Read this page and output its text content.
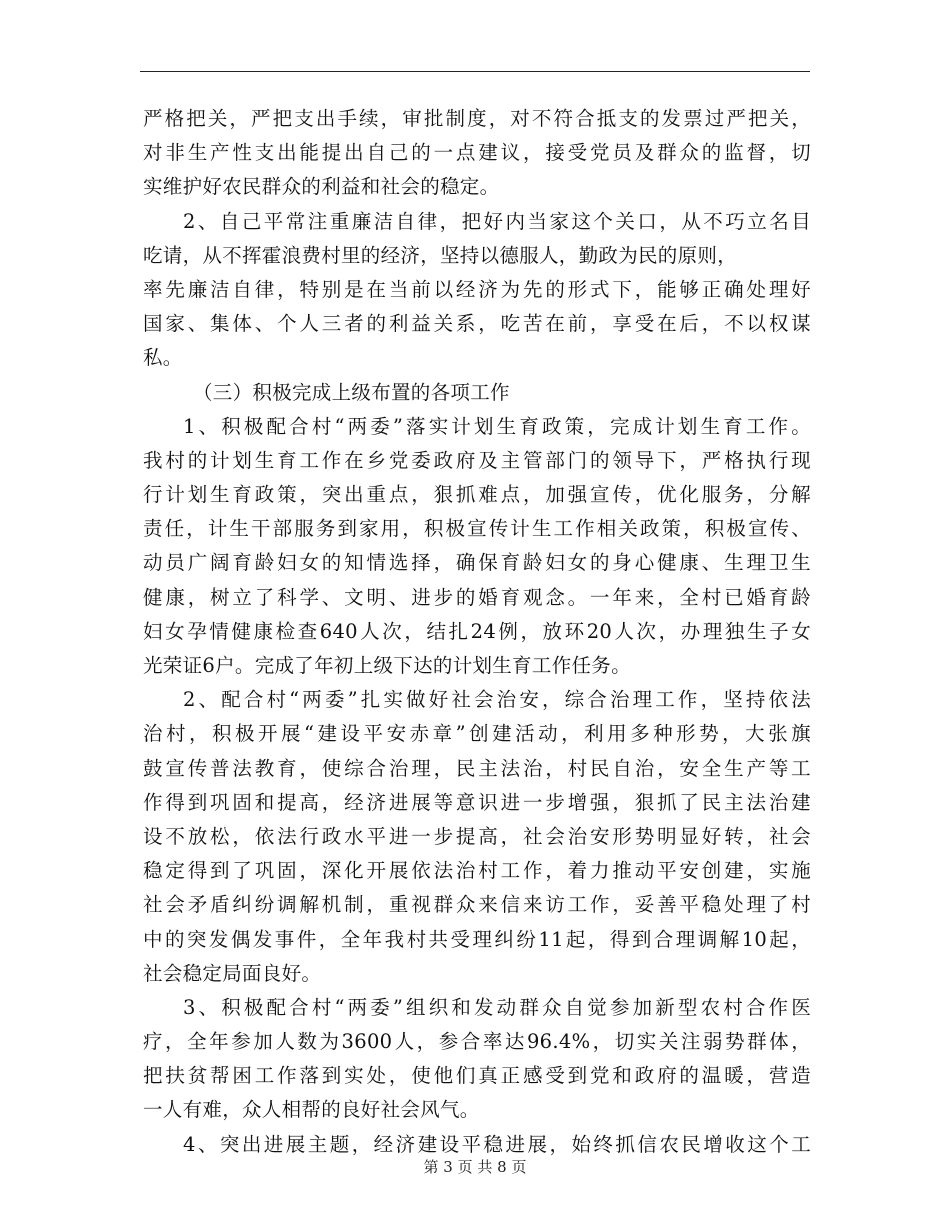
严格把关，严把支出手续，审批制度，对不符合抵支的发票过严把关，
对非生产性支出能提出自己的一点建议，接受党员及群众的监督，切
实维护好农民群众的利益和社会的稳定。
2、自己平常注重廉洁自律，把好内当家这个关口，从不巧立名目
吃请，从不挥霍浪费村里的经济，坚持以德服人，勤政为民的原则，
率先廉洁自律，特别是在当前以经济为先的形式下，能够正确处理好
国家、集体、个人三者的利益关系，吃苦在前，享受在后，不以权谋
私。
（三）积极完成上级布置的各项工作
1、积极配合村“两委”落实计划生育政策，完成计划生育工作。
我村的计划生育工作在乡党委政府及主管部门的领导下，严格执行现
行计划生育政策，突出重点，狠抓难点，加强宣传，优化服务，分解
责任，计生干部服务到家用，积极宣传计生工作相关政策，积极宣传、
动员广阔育龄妇女的知情选择，确保育龄妇女的身心健康、生理卫生
健康，树立了科学、文明、进步的婚育观念。一年来，全村已婚育龄
妇女孕情健康检查640人次，结扎24例，放环20人次，办理独生子女
光荣证6户。完成了年初上级下达的计划生育工作任务。
2、配合村“两委”扎实做好社会治安，综合治理工作，坚持依法
治村，积极开展“建设平安赤章”创建活动，利用多种形势，大张旗
鼓宣传普法教育，使综合治理，民主法治，村民自治，安全生产等工
作得到巩固和提高，经济进展等意识进一步增强，狠抓了民主法治建
设不放松，依法行政水平进一步提高，社会治安形势明显好转，社会
稳定得到了巩固，深化开展依法治村工作，着力推动平安创建，实施
社会矛盾纠纷调解机制，重视群众来信来访工作，妥善平稳处理了村
中的突发偶发事件，全年我村共受理纠纷11起，得到合理调解10起，
社会稳定局面良好。
3、积极配合村“两委”组织和发动群众自觉参加新型农村合作医
疗，全年参加人数为3600人，参合率达96.4%，切实关注弱势群体，
把扶贫帮困工作落到实处，使他们真正感受到党和政府的温暖，营造
一人有难，众人相帮的良好社会风气。
4、突出进展主题，经济建设平稳进展，始终抓信农民增收这个工
第 3 页 共 8 页
